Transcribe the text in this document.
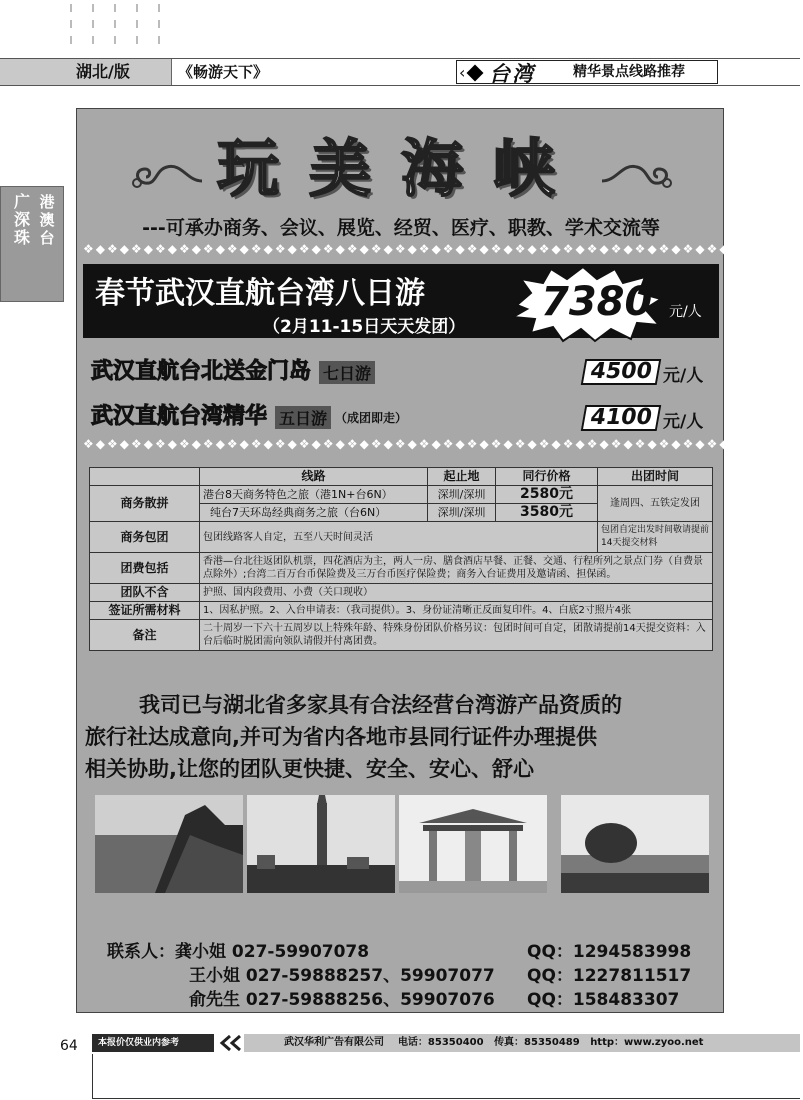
湖北/版	《畅游天下》	‹ 台湾	精华景点线路推荐
广深珠
港澳台
玩美海峡
---可承办商务、会议、展览、经贸、医疗、职教、学术交流等
❖◆❖◆❖◆❖◆❖◆❖◆❖◆❖◆❖◆❖◆❖◆❖◆❖◆❖◆❖◆❖◆❖◆❖◆❖◆❖◆❖◆❖◆❖◆❖◆❖◆❖◆❖◆❖◆❖◆❖◆
春节武汉直航台湾八日游
（2月11-15日天天发团）
7380 元/人
武汉直航台北送金门岛 七日游	4500 元/人
武汉直航台湾精华 五日游 （成团即走）	4100 元/人
❖◆❖◆❖◆❖◆❖◆❖◆❖◆❖◆❖◆❖◆❖◆❖◆❖◆❖◆❖◆❖◆❖◆❖◆❖◆❖◆❖◆❖◆❖◆❖◆❖◆❖◆❖◆❖◆❖◆❖◆
	线路	起止地	同行价格	出团时间
商务散拼	港台8天商务特色之旅（港1N+台6N）	深圳/深圳	2580元	逢周四、五铁定发团
	纯台7天环岛经典商务之旅（台6N）	深圳/深圳	3580元	
商务包团	包团线路客人自定，五至八天时间灵活			包团自定出发时间敬请提前14天提交材料
团费包括	香港—台北往返团队机票，四花酒店为主，两人一房、膳食酒店早餐、正餐、交通、行程所列之景点门券（自费景点除外）;台湾二百万台币保险费及三万台币医疗保险费；商务入台证费用及邀请函、担保函。			
团队不含	护照、国内段费用、小费（关口现收）			
签证所需材料	1、因私护照。2、入台申请表：（我司提供）。3、身份证清晰正反面复印件。4、白底2寸照片4张			
备注	二十周岁一下六十五周岁以上特殊年龄、特殊身份团队价格另议：包团时间可自定，团散请提前14天提交资料：入台后临时脱团需向领队请假并付离团费。			
我司已与湖北省多家具有合法经营台湾游产品资质的
旅行社达成意向,并可为省内各地市县同行证件办理提供
相关协助,让您的团队更快捷、安全、安心、舒心
联系人：龚小姐 027-59907078	QQ：1294583998
王小姐 027-59888257、59907077 QQ：1227811517
俞先生 027-59888256、59907076 QQ：158483307
64	本报价仅供业内参考	武汉华利广告有限公司 电话：85350400 传真：85350489 http：www.zyoo.net
